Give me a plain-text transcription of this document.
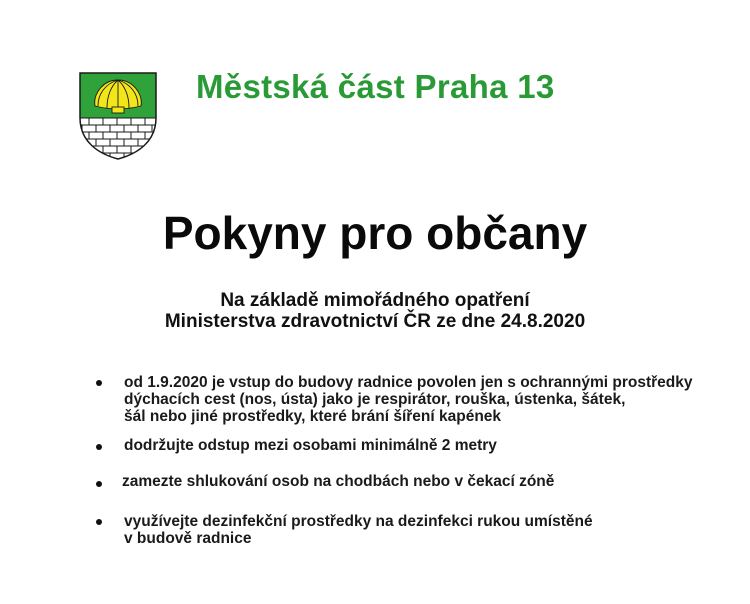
Městská část Praha 13
Pokyny pro občany
Na základě mimořádného opatření
Ministerstva zdravotnictví ČR ze dne 24.8.2020
od 1.9.2020 je vstup do budovy radnice povolen jen s ochrannými prostředky
dýchacích cest (nos, ústa) jako je respirátor, rouška, ústenka, šátek,
šál nebo jiné prostředky, které brání šíření kapének
dodržujte odstup mezi osobami minimálně 2 metry
zamezte shlukování osob na chodbách nebo v čekací zóně
využívejte dezinfekční prostředky na dezinfekci rukou umístěné
v budově radnice
